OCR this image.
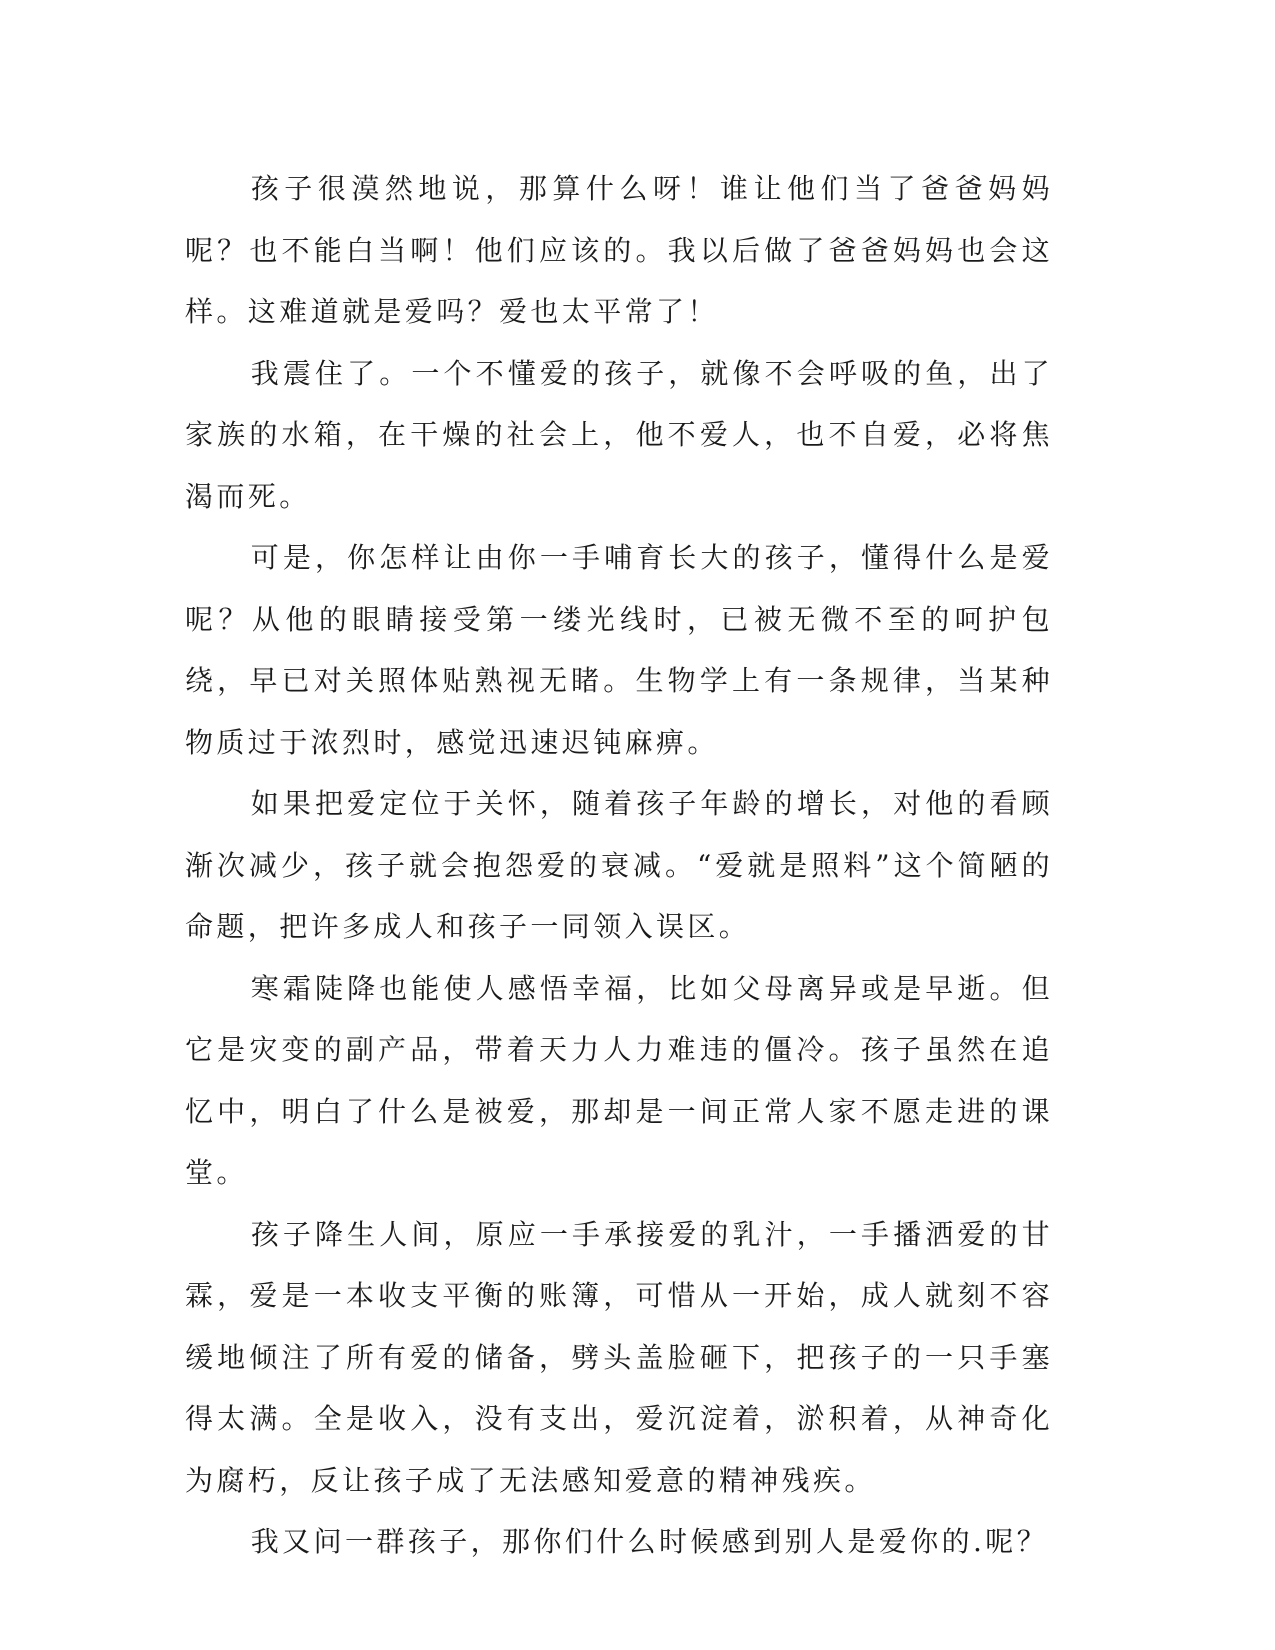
孩子很漠然地说，那算什么呀！谁让他们当了爸爸妈妈呢？也不能白当啊！他们应该的。我以后做了爸爸妈妈也会这样。这难道就是爱吗？爱也太平常了！

我震住了。一个不懂爱的孩子，就像不会呼吸的鱼，出了家族的水箱，在干燥的社会上，他不爱人，也不自爱，必将焦渴而死。

可是，你怎样让由你一手哺育长大的孩子，懂得什么是爱呢？从他的眼睛接受第一缕光线时，已被无微不至的呵护包绕，早已对关照体贴熟视无睹。生物学上有一条规律，当某种物质过于浓烈时，感觉迅速迟钝麻痹。

如果把爱定位于关怀，随着孩子年龄的增长，对他的看顾渐次减少，孩子就会抱怨爱的衰减。“爱就是照料”这个简陋的命题，把许多成人和孩子一同领入误区。

寒霜陡降也能使人感悟幸福，比如父母离异或是早逝。但它是灾变的副产品，带着天力人力难违的僵冷。孩子虽然在追忆中，明白了什么是被爱，那却是一间正常人家不愿走进的课堂。

孩子降生人间，原应一手承接爱的乳汁，一手播洒爱的甘霖，爱是一本收支平衡的账簿，可惜从一开始，成人就刻不容缓地倾注了所有爱的储备，劈头盖脸砸下，把孩子的一只手塞得太满。全是收入，没有支出，爱沉淀着，淤积着，从神奇化为腐朽，反让孩子成了无法感知爱意的精神残疾。

我又问一群孩子，那你们什么时候感到别人是爱你的.呢？
